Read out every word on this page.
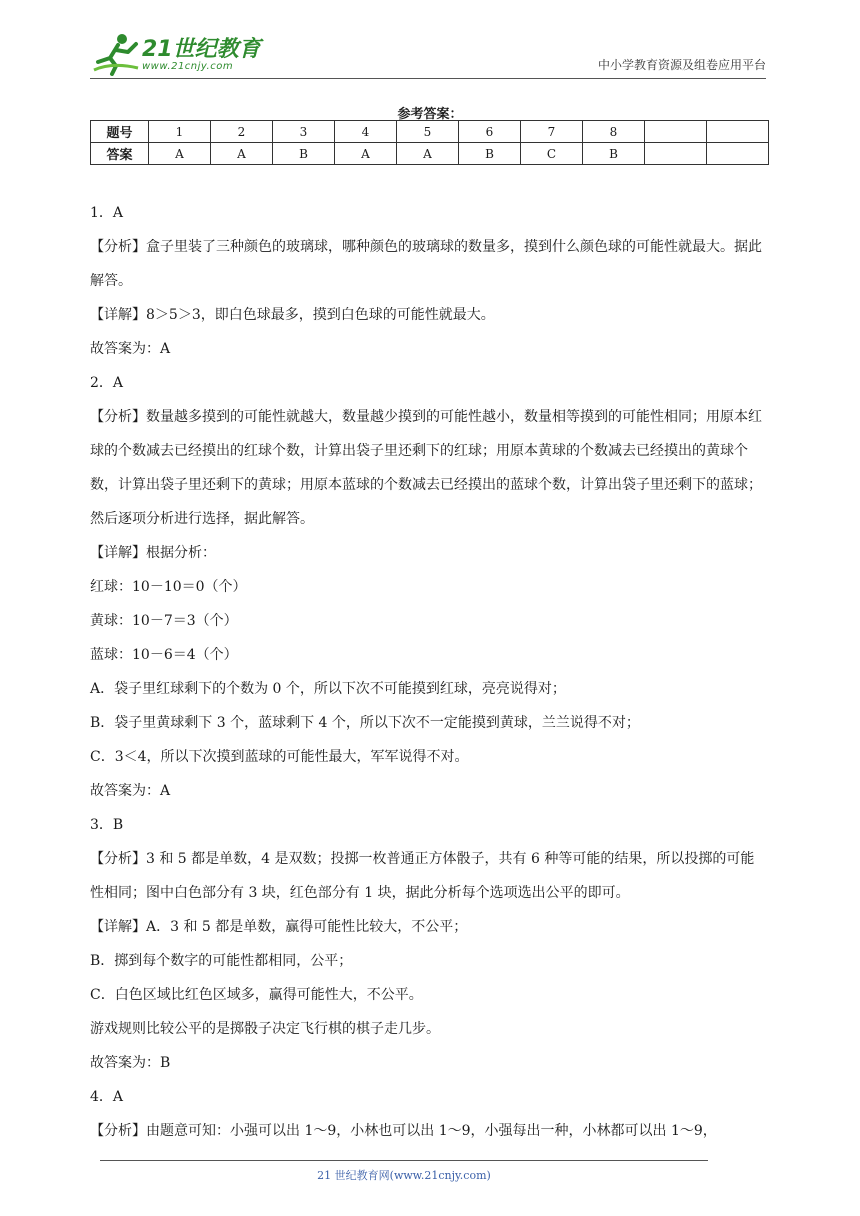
21世纪教育
www.21cnjy.com	中小学教育资源及组卷应用平台
参考答案：
题号	1	2	3	4	5	6	7	8		
答案	A	A	B	A	A	B	C	B		

1．A

【分析】盒子里装了三种颜色的玻璃球，哪种颜色的玻璃球的数量多，摸到什么颜色球的可能性就最大。据此解答。

【详解】8＞5＞3，即白色球最多，摸到白色球的可能性就最大。

故答案为：A

2．A

【分析】数量越多摸到的可能性就越大，数量越少摸到的可能性越小，数量相等摸到的可能性相同；用原本红球的个数减去已经摸出的红球个数，计算出袋子里还剩下的红球；用原本黄球的个数减去已经摸出的黄球个数，计算出袋子里还剩下的黄球；用原本蓝球的个数减去已经摸出的蓝球个数，计算出袋子里还剩下的蓝球；然后逐项分析进行选择，据此解答。

【详解】根据分析：

红球：10－10＝0（个）

黄球：10－7＝3（个）

蓝球：10－6＝4（个）

A．袋子里红球剩下的个数为 0 个，所以下次不可能摸到红球，亮亮说得对；

B．袋子里黄球剩下 3 个，蓝球剩下 4 个，所以下次不一定能摸到黄球，兰兰说得不对；

C．3＜4，所以下次摸到蓝球的可能性最大，军军说得不对。

故答案为：A

3．B

【分析】3 和 5 都是单数，4 是双数；投掷一枚普通正方体骰子，共有 6 种等可能的结果，所以投掷的可能性相同；图中白色部分有 3 块，红色部分有 1 块，据此分析每个选项选出公平的即可。

【详解】A．3 和 5 都是单数，赢得可能性比较大，不公平；

B．掷到每个数字的可能性都相同，公平；

C．白色区域比红色区域多，赢得可能性大，不公平。

游戏规则比较公平的是掷骰子决定飞行棋的棋子走几步。

故答案为：B

4．A

【分析】由题意可知：小强可以出 1～9，小林也可以出 1～9，小强每出一种，小林都可以出 1～9，

21 世纪教育网(www.21cnjy.com)
